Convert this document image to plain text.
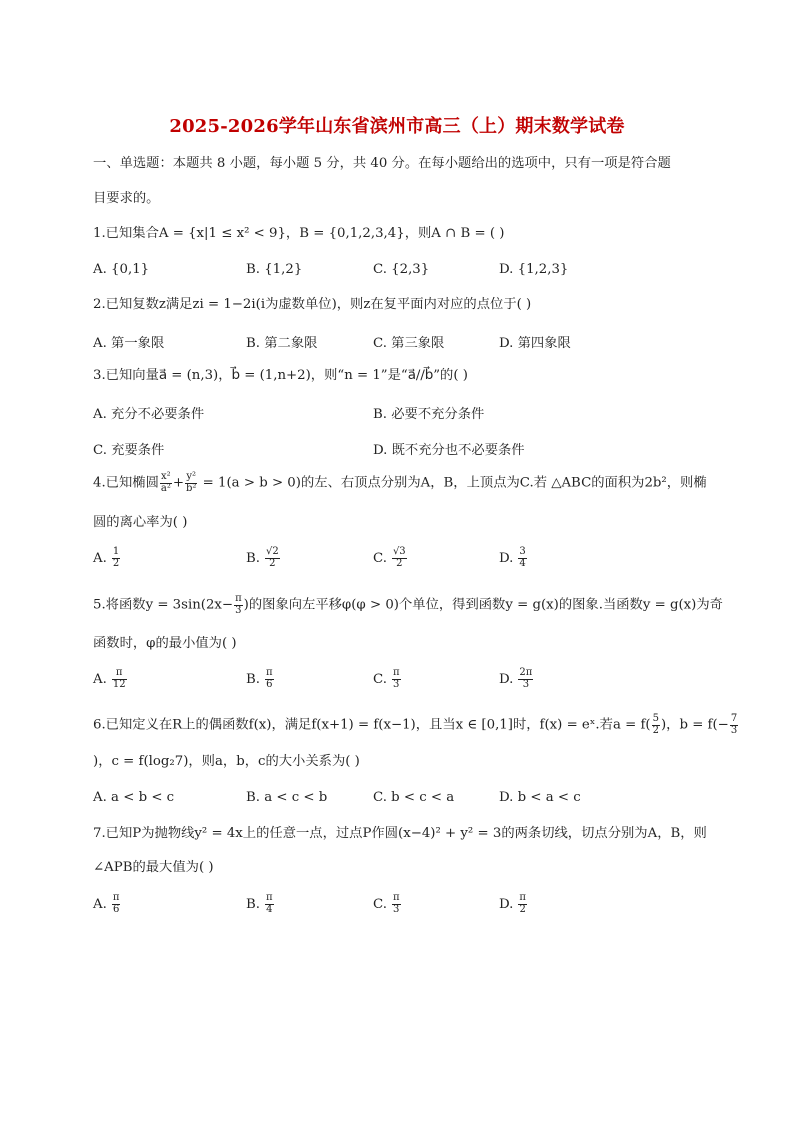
2025-2026学年山东省滨州市高三（上）期末数学试卷
一、单选题：本题共 8 小题，每小题 5 分，共 40 分。在每小题给出的选项中，只有一项是符合题
目要求的。
1.已知集合A = {x|1 ≤ x² < 9}，B = {0,1,2,3,4}，则A ∩ B = ( )
A. {0,1}	B. {1,2}	C. {2,3}	D. {1,2,3}
2.已知复数z满足zi = 1−2i(i为虚数单位)，则z在复平面内对应的点位于( )
A. 第一象限	B. 第二象限	C. 第三象限	D. 第四象限
3.已知向量a⃗ = (n,3)，b⃗ = (1,n+2)，则“n = 1”是“a⃗//b⃗”的( )
A. 充分不必要条件	B. 必要不充分条件
C. 充要条件	D. 既不充分也不必要条件
4.已知椭圆 $\frac{\text{x²}}{\text{a²}} + \frac{\text{y²}}{\text{b²}} = 1(a > b > 0)$的左、右顶点分别为A，B，上顶点为C.若 △ABC的面积为2b²，则椭
圆的离心率为( )
A. $\frac{1}{2}$	B. $\frac{√2}{2}$	C. $\frac{√3}{2}$	D. $\frac{3}{4}$
5.将函数$y = 3\sin(2x- \frac{\pi}{3}$ )的图象向左平移φ(φ > 0)个单位，得到函数y = g(x)的图象.当函数y = g(x)为奇
函数时，φ的最小值为( )
A. $\frac{\pi}{12}$	B. $\frac{\pi}{6}$	C. $\frac{\pi}{3}$	D. $\frac{2\pi}{3}$
6.已知定义在R上的偶函数f(x)，满足f(x+1) = f(x−1)，且当x ∈ [0,1]时，f(x) = eˣ.若$a = f( \frac{5}{2}$ )，$b = f(- \frac{7}{3}$
)，c = f(log₂7)，则a，b，c的大小关系为( )
A. a < b < c	B. a < c < b	C. b < c < a	D. b < a < c
7.已知P为抛物线y² = 4x上的任意一点，过点P作圆(x−4)² + y² = 3的两条切线，切点分别为A，B，则
∠APB的最大值为( )
A. $\frac{\pi}{6}$	B. $\frac{\pi}{4}$	C. $\frac{\pi}{3}$	D. $\frac{\pi}{2}$
